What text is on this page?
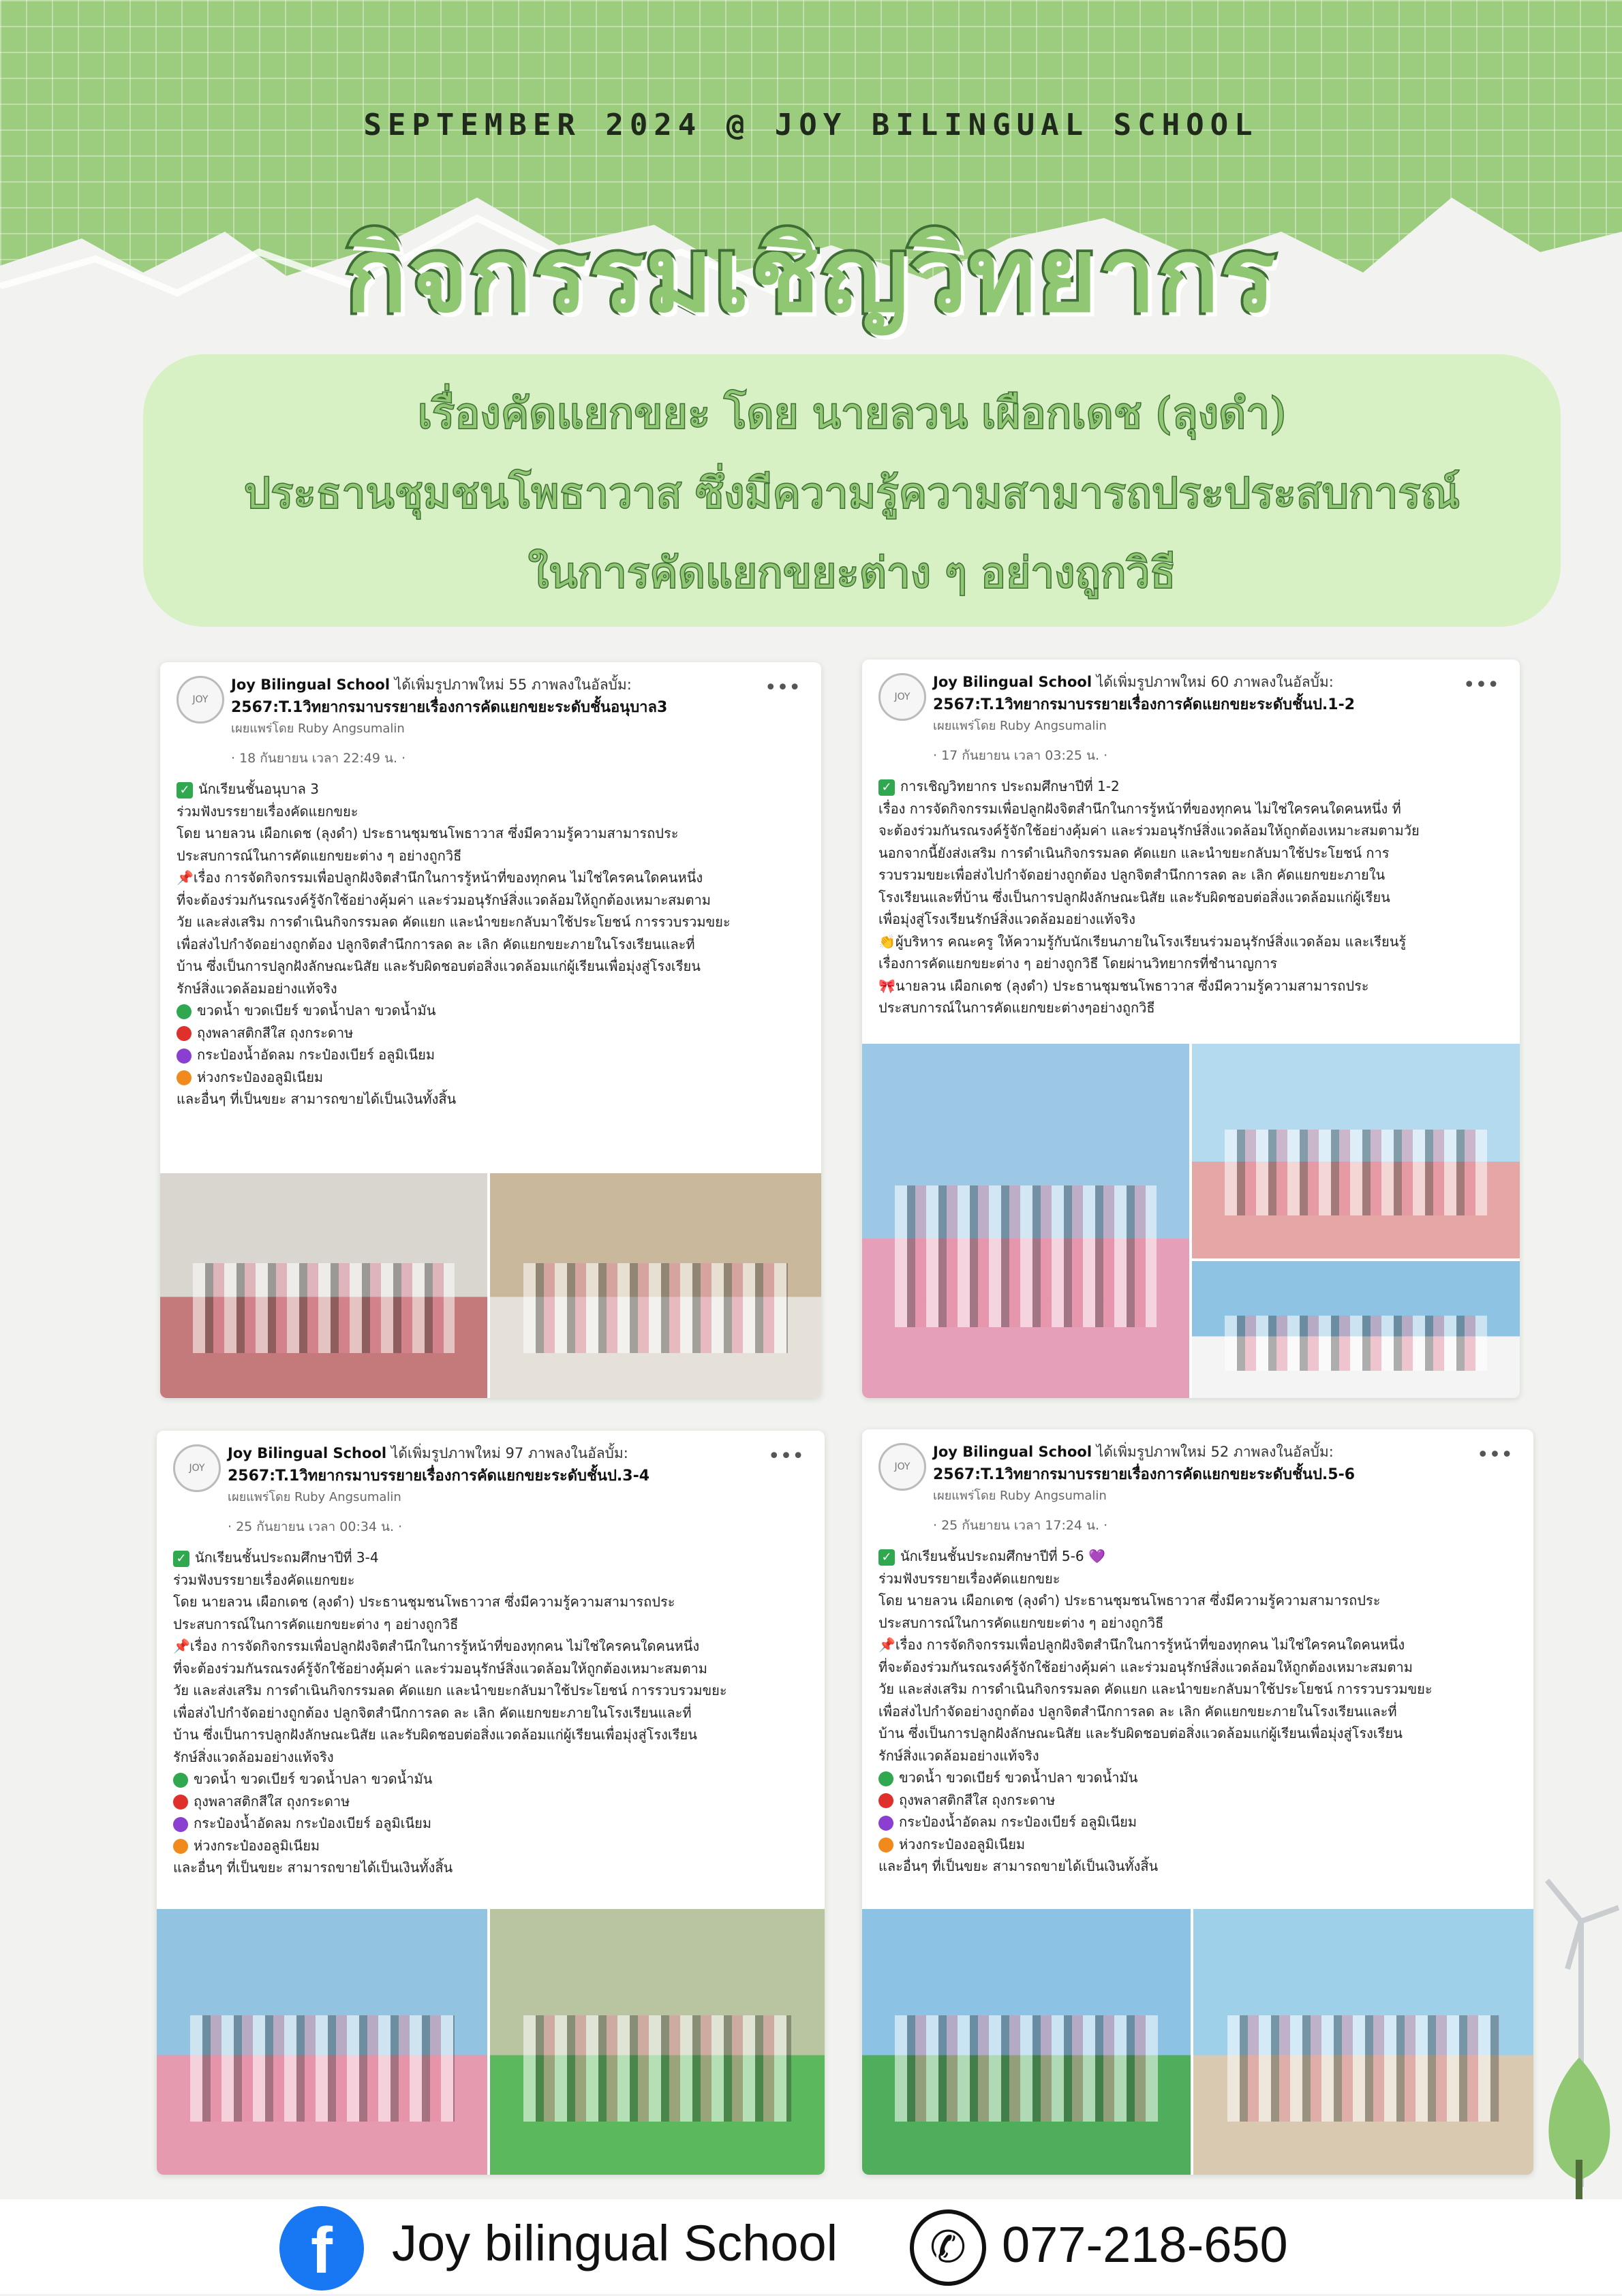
SEPTEMBER 2024 @ JOY BILINGUAL SCHOOL
กิจกรรมเชิญวิทยากร
เรื่องคัดแยกขยะ โดย นายลวน เผือกเดช (ลุงดำ)
ประธานชุมชนโพธาวาส ซึ่งมีความรู้ความสามารถประประสบการณ์
ในการคัดแยกขยะต่าง ๆ อย่างถูกวิธี
JOY
Joy Bilingual School ได้เพิ่มรูปภาพใหม่ 55 ภาพลงในอัลบั้ม:
2567:T.1วิทยากรมาบรรยายเรื่องการคัดแยกขยะระดับชั้นอนุบาล3
เผยแพร่โดย Ruby Angsumalin
· 18 กันยายน เวลา 22:49 น. ·
•••

✓ นักเรียนชั้นอนุบาล 3

ร่วมฟังบรรยายเรื่องคัดแยกขยะ

โดย นายลวน เผือกเดช (ลุงดำ) ประธานชุมชนโพธาวาส ซึ่งมีความรู้ความสามารถประ

ประสบการณ์ในการคัดแยกขยะต่าง ๆ อย่างถูกวิธี

📌เรื่อง การจัดกิจกรรมเพื่อปลูกฝังจิตสำนึกในการรู้หน้าที่ของทุกคน ไม่ใช่ใครคนใดคนหนึ่ง

ที่จะต้องร่วมกันรณรงค์รู้จักใช้อย่างคุ้มค่า และร่วมอนุรักษ์สิ่งแวดล้อมให้ถูกต้องเหมาะสมตาม

วัย และส่งเสริม การดำเนินกิจกรรมลด คัดแยก และนำขยะกลับมาใช้ประโยชน์ การรวบรวมขยะ

เพื่อส่งไปกำจัดอย่างถูกต้อง ปลูกจิตสำนึกการลด ละ เลิก คัดแยกขยะภายในโรงเรียนและที่

บ้าน ซึ่งเป็นการปลูกฝังลักษณะนิสัย และรับผิดชอบต่อสิ่งแวดล้อมแก่ผู้เรียนเพื่อมุ่งสู่โรงเรียน

รักษ์สิ่งแวดล้อมอย่างแท้จริง

ขวดน้ำ ขวดเบียร์ ขวดน้ำปลา ขวดน้ำมัน

ถุงพลาสติกสีใส ถุงกระดาษ

กระป๋องน้ำอัดลม กระป๋องเบียร์ อลูมิเนียม

ห่วงกระป๋องอลูมิเนียม

และอื่นๆ ที่เป็นขยะ สามารถขายได้เป็นเงินทั้งสิ้น

JOY
Joy Bilingual School ได้เพิ่มรูปภาพใหม่ 60 ภาพลงในอัลบั้ม:
2567:T.1วิทยากรมาบรรยายเรื่องการคัดแยกขยะระดับชั้นป.1-2
เผยแพร่โดย Ruby Angsumalin
· 17 กันยายน เวลา 03:25 น. ·
•••

✓ การเชิญวิทยากร ประถมศึกษาปีที่ 1-2

เรื่อง การจัดกิจกรรมเพื่อปลูกฝังจิตสำนึกในการรู้หน้าที่ของทุกคน ไม่ใช่ใครคนใดคนหนึ่ง ที่

จะต้องร่วมกันรณรงค์รู้จักใช้อย่างคุ้มค่า และร่วมอนุรักษ์สิ่งแวดล้อมให้ถูกต้องเหมาะสมตามวัย

นอกจากนี้ยังส่งเสริม การดำเนินกิจกรรมลด คัดแยก และนำขยะกลับมาใช้ประโยชน์ การ

รวบรวมขยะเพื่อส่งไปกำจัดอย่างถูกต้อง ปลูกจิตสำนึกการลด ละ เลิก คัดแยกขยะภายใน

โรงเรียนและที่บ้าน ซึ่งเป็นการปลูกฝังลักษณะนิสัย และรับผิดชอบต่อสิ่งแวดล้อมแก่ผู้เรียน

เพื่อมุ่งสู่โรงเรียนรักษ์สิ่งแวดล้อมอย่างแท้จริง

👏ผู้บริหาร คณะครู ให้ความรู้กับนักเรียนภายในโรงเรียนร่วมอนุรักษ์สิ่งแวดล้อม และเรียนรู้

เรื่องการคัดแยกขยะต่าง ๆ อย่างถูกวิธี โดยผ่านวิทยากรที่ชำนาญการ

🎀นายลวน เผือกเดช (ลุงดำ) ประธานชุมชนโพธาวาส ซึ่งมีความรู้ความสามารถประ

ประสบการณ์ในการคัดแยกขยะต่างๆอย่างถูกวิธี

JOY
Joy Bilingual School ได้เพิ่มรูปภาพใหม่ 97 ภาพลงในอัลบั้ม:
2567:T.1วิทยากรมาบรรยายเรื่องการคัดแยกขยะระดับชั้นป.3-4
เผยแพร่โดย Ruby Angsumalin
· 25 กันยายน เวลา 00:34 น. ·
•••

✓ นักเรียนชั้นประถมศึกษาปีที่ 3-4

ร่วมฟังบรรยายเรื่องคัดแยกขยะ

โดย นายลวน เผือกเดช (ลุงดำ) ประธานชุมชนโพธาวาส ซึ่งมีความรู้ความสามารถประ

ประสบการณ์ในการคัดแยกขยะต่าง ๆ อย่างถูกวิธี

📌เรื่อง การจัดกิจกรรมเพื่อปลูกฝังจิตสำนึกในการรู้หน้าที่ของทุกคน ไม่ใช่ใครคนใดคนหนึ่ง

ที่จะต้องร่วมกันรณรงค์รู้จักใช้อย่างคุ้มค่า และร่วมอนุรักษ์สิ่งแวดล้อมให้ถูกต้องเหมาะสมตาม

วัย และส่งเสริม การดำเนินกิจกรรมลด คัดแยก และนำขยะกลับมาใช้ประโยชน์ การรวบรวมขยะ

เพื่อส่งไปกำจัดอย่างถูกต้อง ปลูกจิตสำนึกการลด ละ เลิก คัดแยกขยะภายในโรงเรียนและที่

บ้าน ซึ่งเป็นการปลูกฝังลักษณะนิสัย และรับผิดชอบต่อสิ่งแวดล้อมแก่ผู้เรียนเพื่อมุ่งสู่โรงเรียน

รักษ์สิ่งแวดล้อมอย่างแท้จริง

ขวดน้ำ ขวดเบียร์ ขวดน้ำปลา ขวดน้ำมัน

ถุงพลาสติกสีใส ถุงกระดาษ

กระป๋องน้ำอัดลม กระป๋องเบียร์ อลูมิเนียม

ห่วงกระป๋องอลูมิเนียม

และอื่นๆ ที่เป็นขยะ สามารถขายได้เป็นเงินทั้งสิ้น

JOY
Joy Bilingual School ได้เพิ่มรูปภาพใหม่ 52 ภาพลงในอัลบั้ม:
2567:T.1วิทยากรมาบรรยายเรื่องการคัดแยกขยะระดับชั้นป.5-6
เผยแพร่โดย Ruby Angsumalin
· 25 กันยายน เวลา 17:24 น. ·
•••

✓ นักเรียนชั้นประถมศึกษาปีที่ 5-6 💜

ร่วมฟังบรรยายเรื่องคัดแยกขยะ

โดย นายลวน เผือกเดช (ลุงดำ) ประธานชุมชนโพธาวาส ซึ่งมีความรู้ความสามารถประ

ประสบการณ์ในการคัดแยกขยะต่าง ๆ อย่างถูกวิธี

📌เรื่อง การจัดกิจกรรมเพื่อปลูกฝังจิตสำนึกในการรู้หน้าที่ของทุกคน ไม่ใช่ใครคนใดคนหนึ่ง

ที่จะต้องร่วมกันรณรงค์รู้จักใช้อย่างคุ้มค่า และร่วมอนุรักษ์สิ่งแวดล้อมให้ถูกต้องเหมาะสมตาม

วัย และส่งเสริม การดำเนินกิจกรรมลด คัดแยก และนำขยะกลับมาใช้ประโยชน์ การรวบรวมขยะ

เพื่อส่งไปกำจัดอย่างถูกต้อง ปลูกจิตสำนึกการลด ละ เลิก คัดแยกขยะภายในโรงเรียนและที่

บ้าน ซึ่งเป็นการปลูกฝังลักษณะนิสัย และรับผิดชอบต่อสิ่งแวดล้อมแก่ผู้เรียนเพื่อมุ่งสู่โรงเรียน

รักษ์สิ่งแวดล้อมอย่างแท้จริง

ขวดน้ำ ขวดเบียร์ ขวดน้ำปลา ขวดน้ำมัน

ถุงพลาสติกสีใส ถุงกระดาษ

กระป๋องน้ำอัดลม กระป๋องเบียร์ อลูมิเนียม

ห่วงกระป๋องอลูมิเนียม

และอื่นๆ ที่เป็นขยะ สามารถขายได้เป็นเงินทั้งสิ้น

f	Joy bilingual School	✆ 077-218-650
